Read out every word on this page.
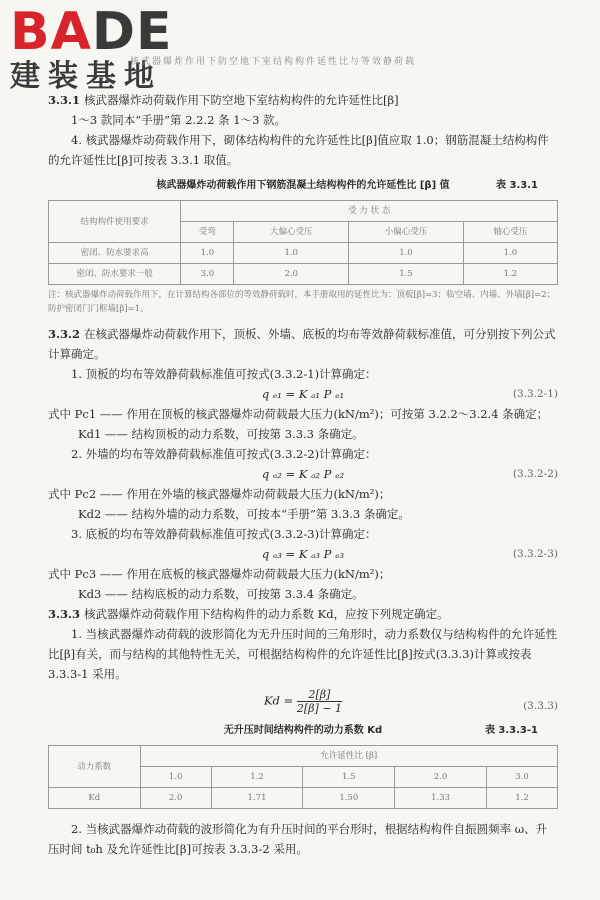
BADE
建装基地
核武器爆炸作用下防空地下室结构构件延性比与等效静荷载

3.3.1 核武器爆炸动荷载作用下防空地下室结构构件的允许延性比[β]

1～3 款同本“手册”第 2.2.2 条 1～3 款。

4. 核武器爆炸动荷载作用下，砌体结构构件的允许延性比[β]值应取 1.0；钢筋混凝土结构构件的允许延性比[β]可按表 3.3.1 取值。

核武器爆炸动荷载作用下钢筋混凝土结构构件的允许延性比 [β] 值	表 3.3.1
结构构件使用要求	受 力 状 态			
	受弯	大偏心受压	小偏心受压	轴心受压
密闭、防水要求高	1.0	1.0	1.0	1.0
密闭、防水要求一般	3.0	2.0	1.5	1.2

注：核武器爆炸动荷载作用下，在计算结构各部位的等效静荷载时，本手册取用的延性比为：顶板[β]=3；临空墙、内墙、外墙[β]=2；防护密闭门门框墙[β]=1。

3.3.2 在核武器爆炸动荷载作用下，顶板、外墙、底板的均布等效静荷载标准值，可分别按下列公式计算确定。

1. 顶板的均布等效静荷载标准值可按式(3.3.2-1)计算确定：

q ₑ₁ = K ₐ₁ P ₑ₁	(3.3.2-1)

式中 Pc1 —— 作用在顶板的核武器爆炸动荷载最大压力(kN/m²)；可按第 3.2.2～3.2.4 条确定；

Kd1 —— 结构顶板的动力系数，可按第 3.3.3 条确定。

2. 外墙的均布等效静荷载标准值可按式(3.3.2-2)计算确定：

q ₑ₂ = K ₐ₂ P ₑ₂	(3.3.2-2)

式中 Pc2 —— 作用在外墙的核武器爆炸动荷载最大压力(kN/m²)；

Kd2 —— 结构外墙的动力系数，可按本“手册”第 3.3.3 条确定。

3. 底板的均布等效静荷载标准值可按式(3.3.2-3)计算确定：

q ₑ₃ = K ₐ₃ P ₑ₃	(3.3.2-3)

式中 Pc3 —— 作用在底板的核武器爆炸动荷载最大压力(kN/m²)；

Kd3 —— 结构底板的动力系数，可按第 3.3.4 条确定。

3.3.3 核武器爆炸动荷载作用下结构构件的动力系数 Kd，应按下列规定确定。

1. 当核武器爆炸动荷载的波形简化为无升压时间的三角形时，动力系数仅与结构构件的允许延性比[β]有关，而与结构的其他特性无关，可根据结构构件的允许延性比[β]按式(3.3.3)计算或按表 3.3.3-1 采用。

$Kd = \frac{2[\beta]}{2[\beta] - 1}$	(3.3.3)
无升压时间结构构件的动力系数 Kd	表 3.3.3-1
动力系数	允许延性比 [β]				
	1.0	1.2	1.5	2.0	3.0
Kd	2.0	1.71	1.50	1.33	1.2

2. 当核武器爆炸动荷载的波形简化为有升压时间的平台形时，根据结构构件自振圆频率 ω、升压时间 t₀h 及允许延性比[β]可按表 3.3.3-2 采用。
